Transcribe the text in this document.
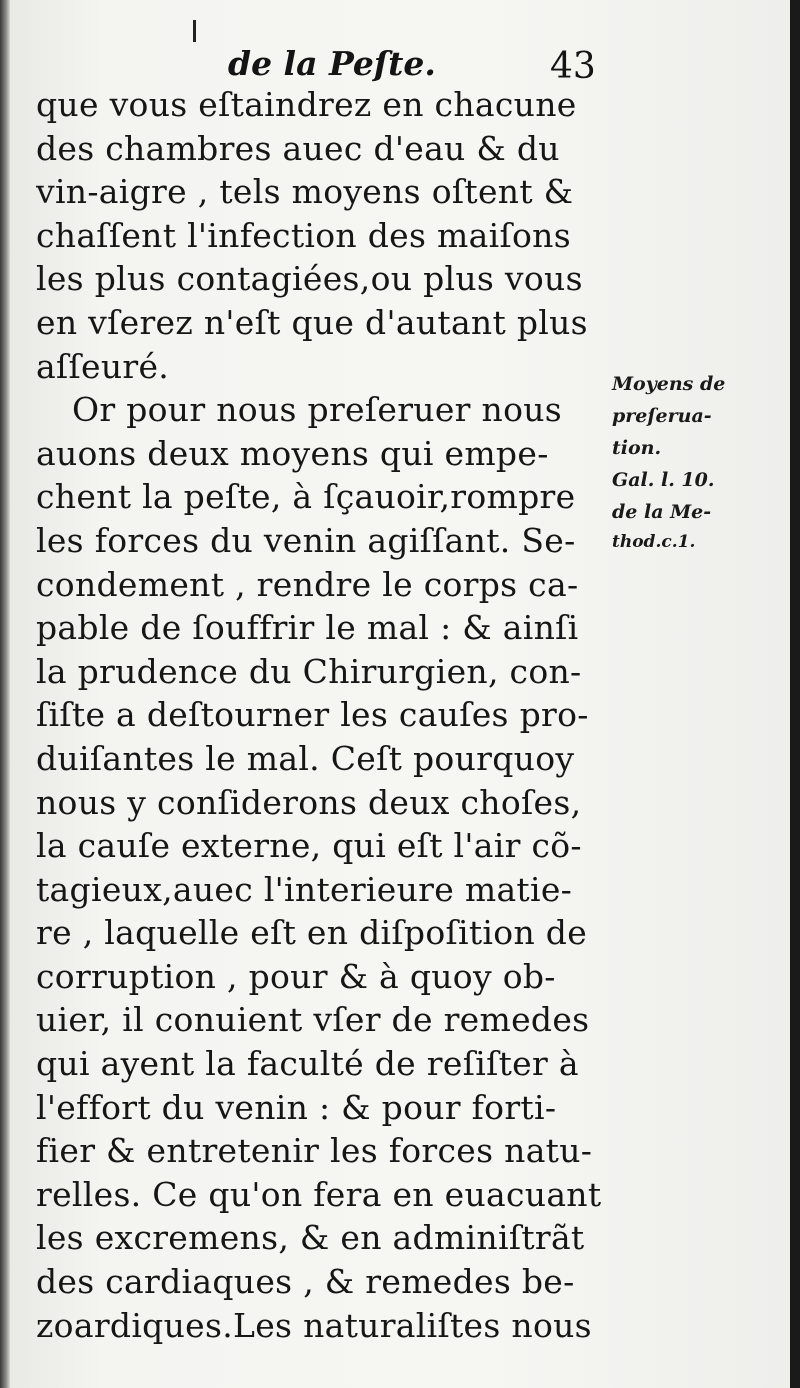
de la Peſte.	43
que vous eſtaindrez en chacune
des chambres auec d'eau & du
vin-aigre , tels moyens oſtent &
chaſſent l'infection des maiſons
les plus contagiées,ou plus vous
en vſerez n'eſt que d'autant plus
aſſeuré.
Or pour nous preſeruer nous
auons deux moyens qui empe-
chent la peſte, à ſçauoir,rompre
les forces du venin agiſſant. Se-
condement , rendre le corps ca-
pable de ſouffrir le mal : & ainſi
la prudence du Chirurgien, con-
ſiſte a deſtourner les cauſes pro-
duiſantes le mal. Ceſt pourquoy
nous y conſiderons deux choſes,
la cauſe externe, qui eſt l'air cõ-
tagieux,auec l'interieure matie-
re , laquelle eſt en diſpoſition de
corruption , pour & à quoy ob-
uier, il conuient vſer de remedes
qui ayent la faculté de reſiſter à
l'effort du venin : & pour forti-
fier & entretenir les forces natu-
relles. Ce qu'on fera en euacuant
les excremens, & en adminiſtrãt
des cardiaques , & remedes be-
zoardiques.Les naturaliſtes nous
Moyens de
preſerua-
tion.
Gal. l. 10.
de la Me-
thod.c.1.
